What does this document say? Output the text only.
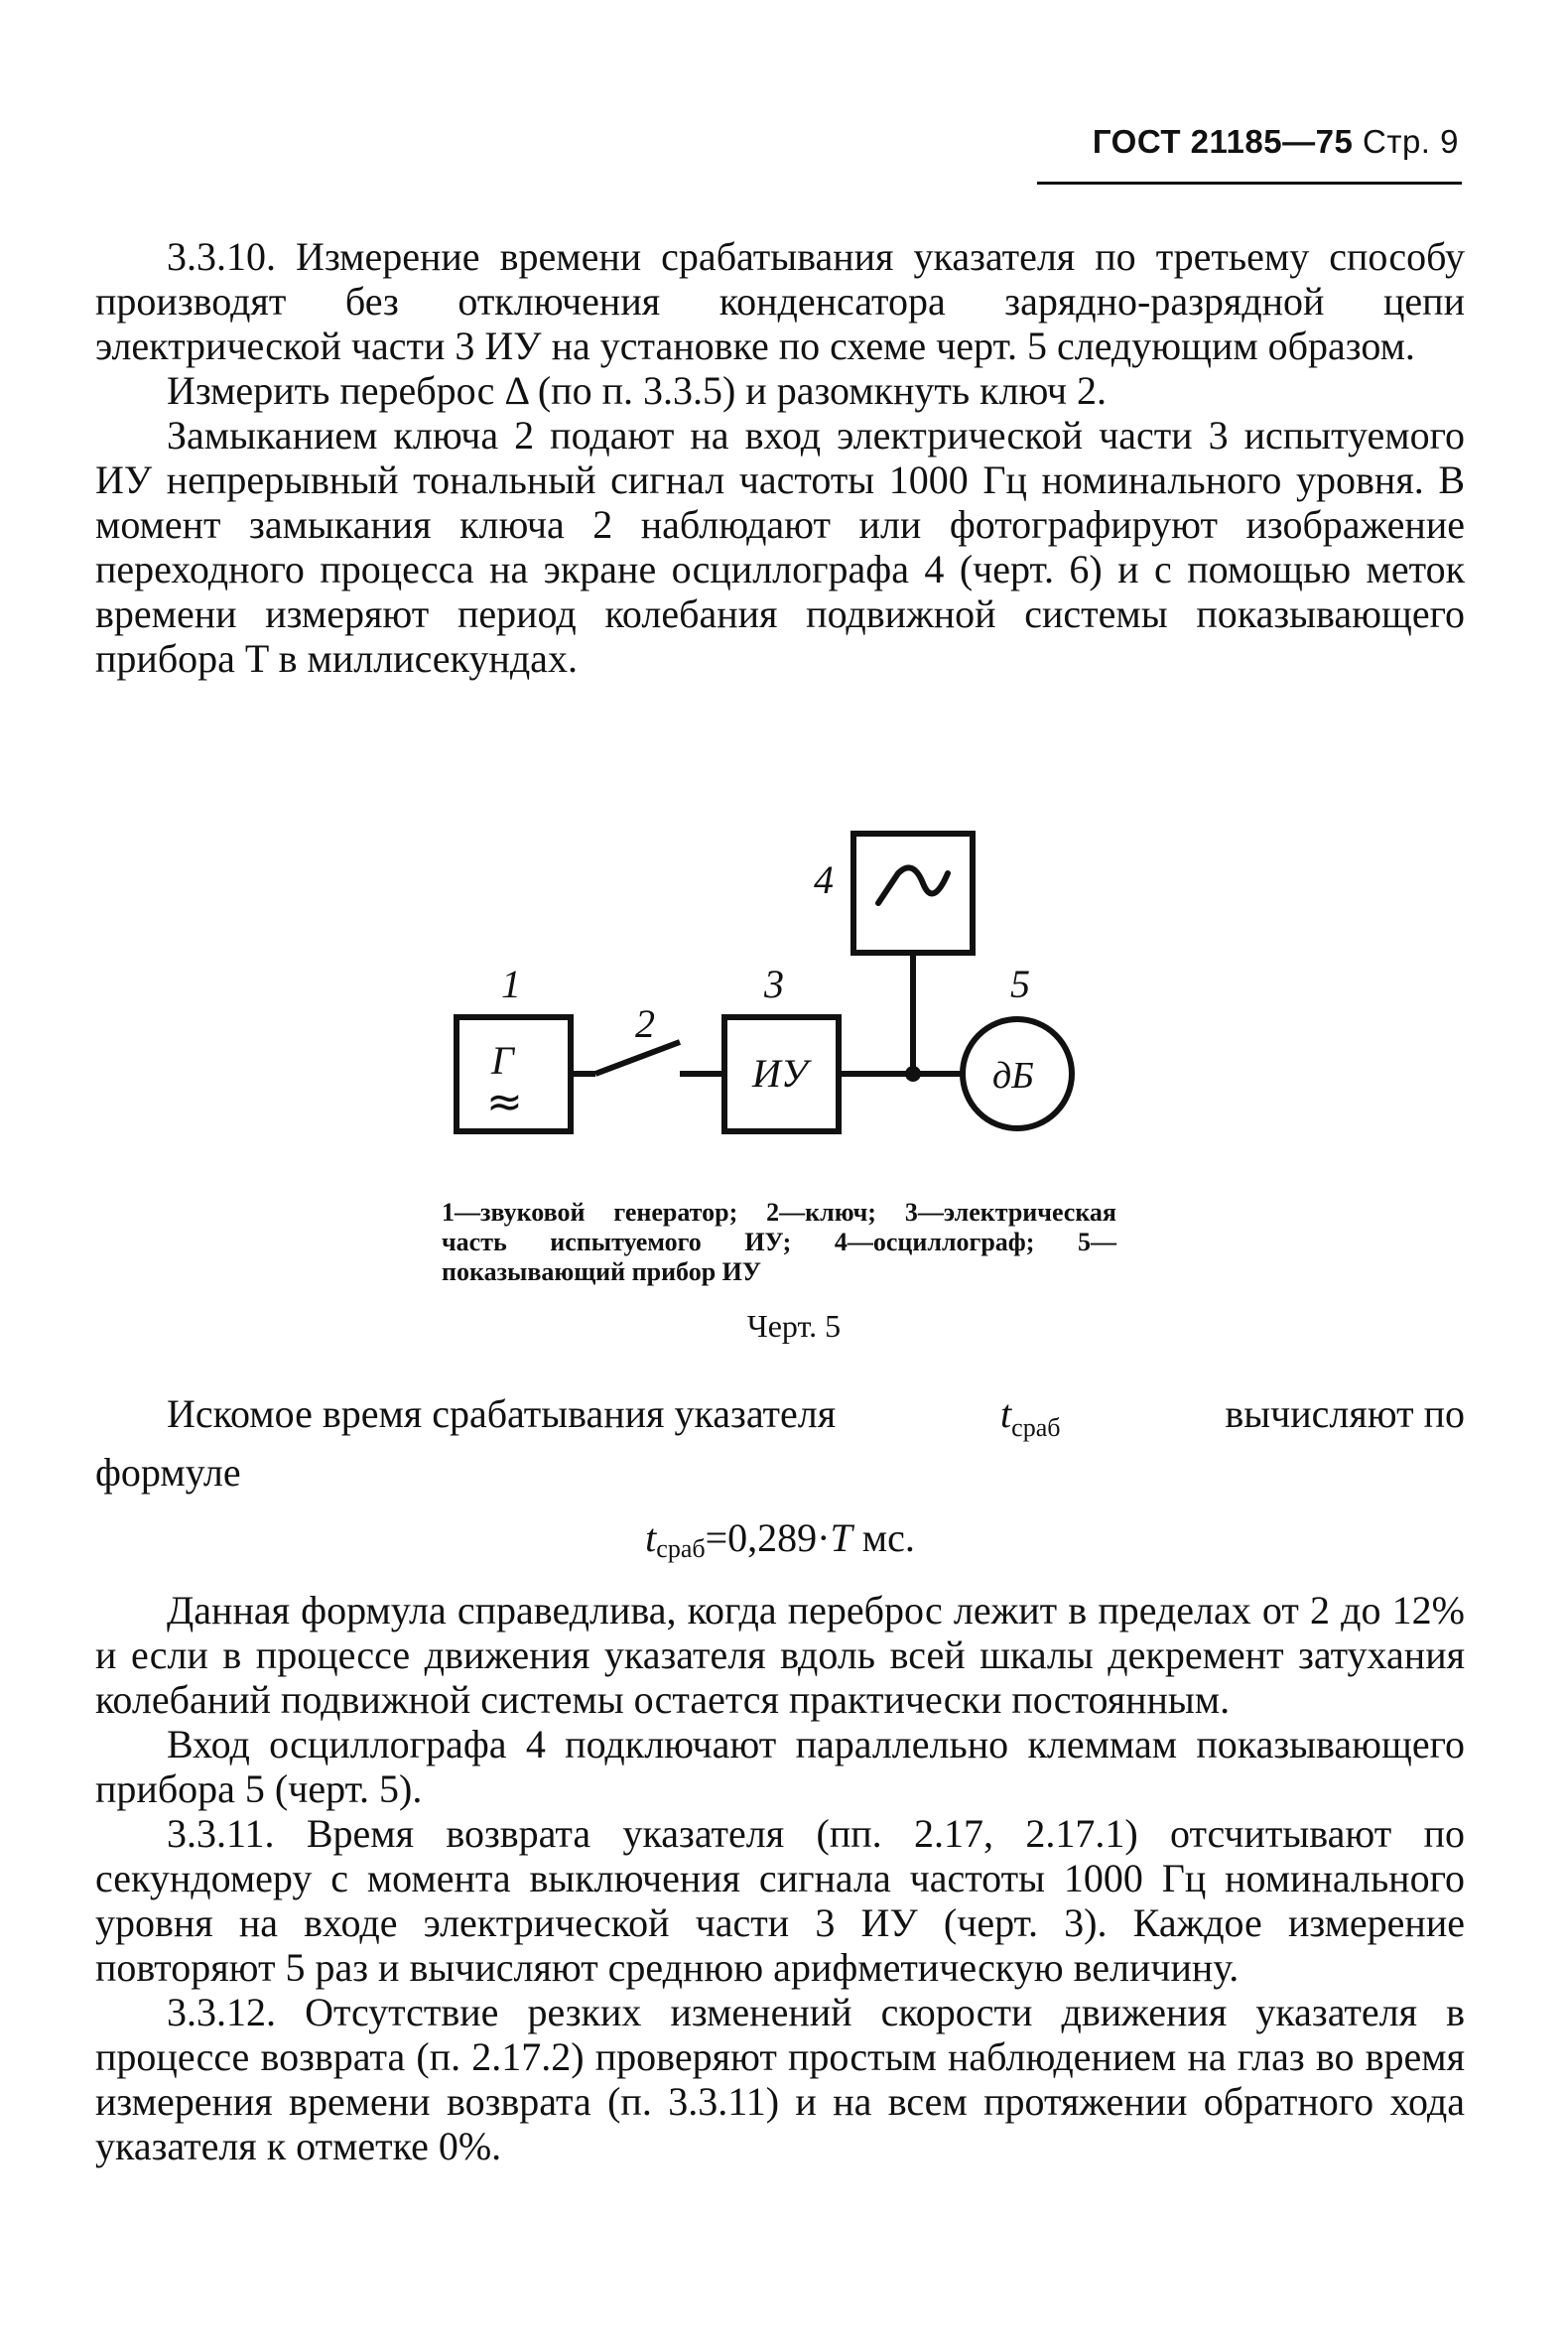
ГОСТ 21185—75 Стр. 9

3.3.10. Измерение времени срабатывания указателя по третьему способу производят без отключения конденсатора зарядно-разрядной цепи электрической части 3 ИУ на установке по схеме черт. 5 следующим образом.

Измерить переброс Δ (по п. 3.3.5) и разомкнуть ключ 2.

Замыканием ключа 2 подают на вход электрической части 3 испытуемого ИУ непрерывный тональный сигнал частоты 1000 Гц номинального уровня. В момент замыкания ключа 2 наблюдают или фотографируют изображение переходного процесса на экране осциллографа 4 (черт. 6) и с помощью меток времени измеряют период колебания подвижной системы показывающего прибора T в миллисекундах.

4
Г
≈
1
2
ИУ
3
дБ
5
1—звуковой генератор; 2—ключ; 3—электрическая часть испытуемого ИУ; 4—осциллограф; 5—показывающий прибор ИУ
Черт. 5
Искомое время срабатывания указателя	$t_{сраб}$	вычисляют по
формуле
$t_{сраб}=0,289\cdot T$ мс.

Данная формула справедлива, когда переброс лежит в пределах от 2 до 12% и если в процессе движения указателя вдоль всей шкалы декремент затухания колебаний подвижной системы остается практически постоянным.

Вход осциллографа 4 подключают параллельно клеммам показывающего прибора 5 (черт. 5).

3.3.11. Время возврата указателя (пп. 2.17, 2.17.1) отсчитывают по секундомеру с момента выключения сигнала частоты 1000 Гц номинального уровня на входе электрической части 3 ИУ (черт. 3). Каждое измерение повторяют 5 раз и вычисляют среднюю арифметическую величину.

3.3.12. Отсутствие резких изменений скорости движения указателя в процессе возврата (п. 2.17.2) проверяют простым наблюдением на глаз во время измерения времени возврата (п. 3.3.11) и на всем протяжении обратного хода указателя к отметке 0%.
